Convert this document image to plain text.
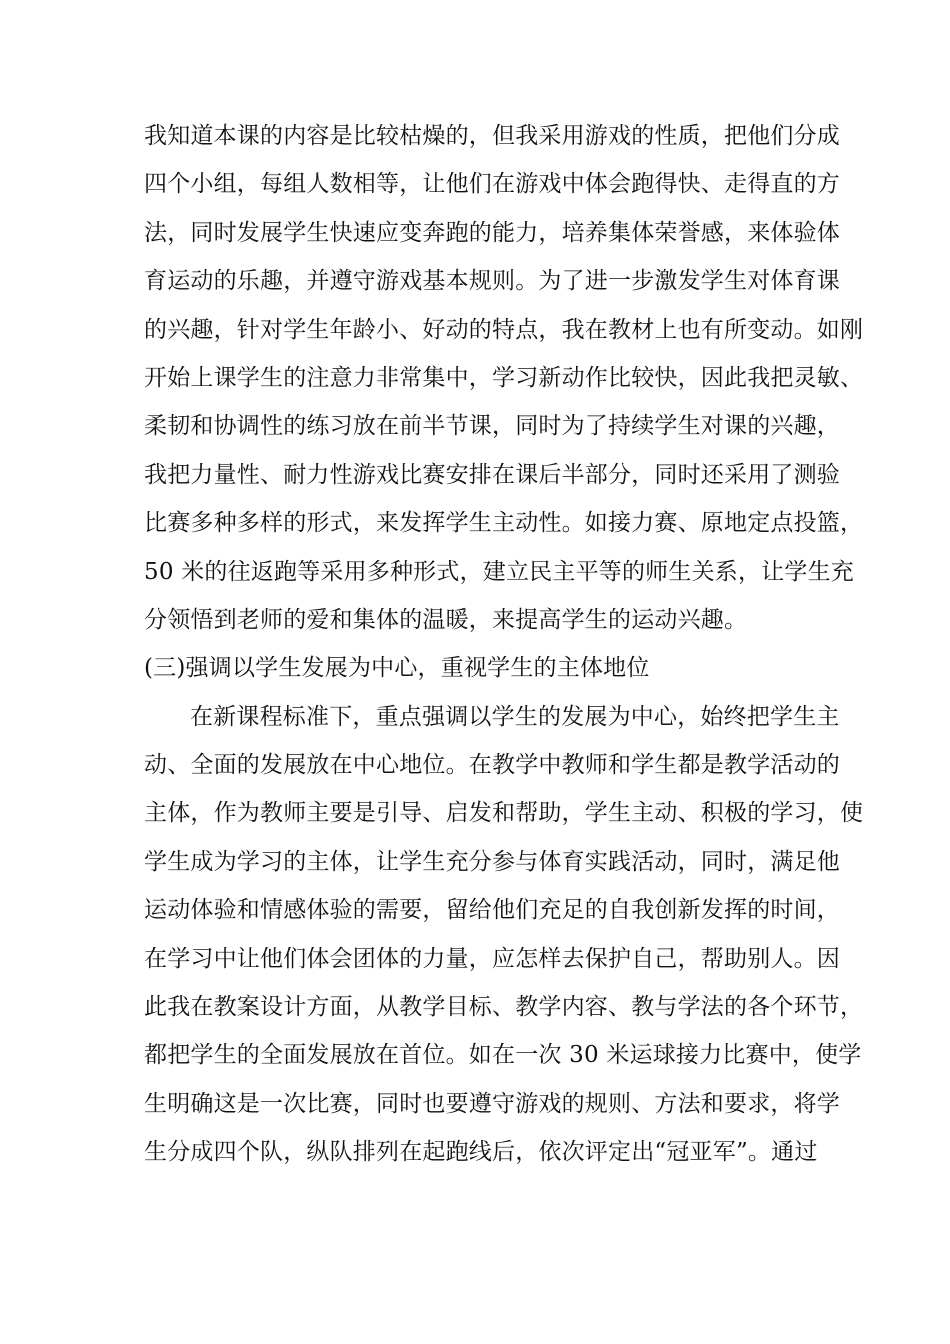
我知道本课的内容是比较枯燥的，但我采用游戏的性质，把他们分成
四个小组，每组人数相等，让他们在游戏中体会跑得快、走得直的方
法，同时发展学生快速应变奔跑的能力，培养集体荣誉感，来体验体
育运动的乐趣，并遵守游戏基本规则。为了进一步激发学生对体育课
的兴趣，针对学生年龄小、好动的特点，我在教材上也有所变动。如刚
开始上课学生的注意力非常集中，学习新动作比较快，因此我把灵敏、
柔韧和协调性的练习放在前半节课，同时为了持续学生对课的兴趣，
我把力量性、耐力性游戏比赛安排在课后半部分，同时还采用了测验
比赛多种多样的形式，来发挥学生主动性。如接力赛、原地定点投篮，
50 米的往返跑等采用多种形式，建立民主平等的师生关系，让学生充
分领悟到老师的爱和集体的温暖，来提高学生的运动兴趣。
(三)强调以学生发展为中心，重视学生的主体地位
在新课程标准下，重点强调以学生的发展为中心，始终把学生主
动、全面的发展放在中心地位。在教学中教师和学生都是教学活动的
主体，作为教师主要是引导、启发和帮助，学生主动、积极的学习，使
学生成为学习的主体，让学生充分参与体育实践活动，同时，满足他
运动体验和情感体验的需要，留给他们充足的自我创新发挥的时间，
在学习中让他们体会团体的力量，应怎样去保护自己，帮助别人。因
此我在教案设计方面，从教学目标、教学内容、教与学法的各个环节，
都把学生的全面发展放在首位。如在一次 30 米运球接力比赛中，使学
生明确这是一次比赛，同时也要遵守游戏的规则、方法和要求，将学
生分成四个队，纵队排列在起跑线后，依次评定出“冠亚军”。通过
